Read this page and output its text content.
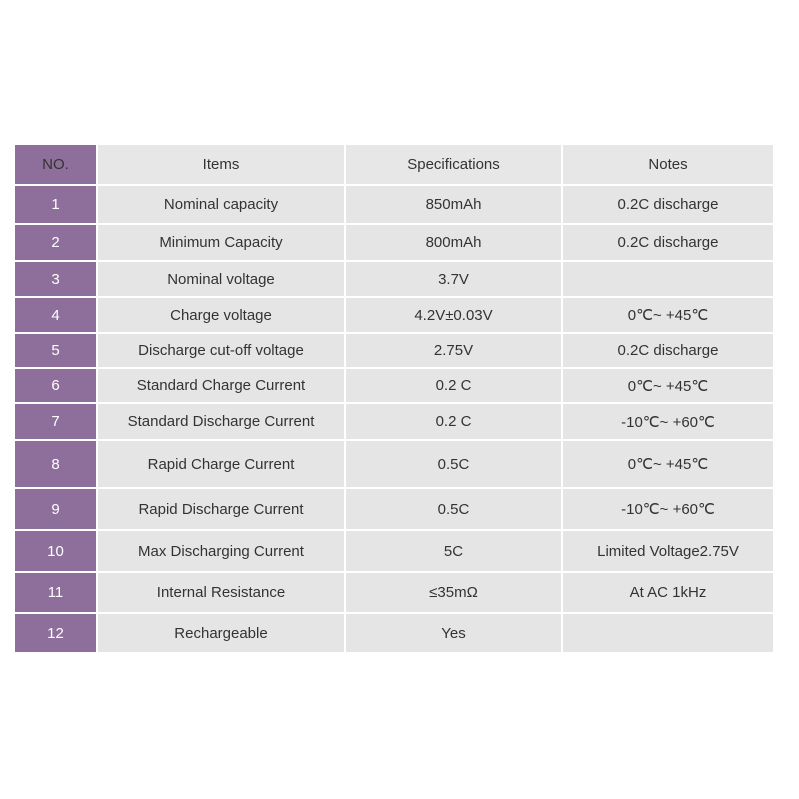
NO.	Items	Specifications	Notes
1	Nominal capacity	850mAh	0.2C discharge
2	Minimum Capacity	800mAh	0.2C discharge
3	Nominal voltage	3.7V	
4	Charge voltage	4.2V±0.03V	0℃~ +45℃
5	Discharge cut-off voltage	2.75V	0.2C discharge
6	Standard Charge Current	0.2 C	0℃~ +45℃
7	Standard Discharge Current	0.2 C	-10℃~ +60℃
8	Rapid Charge Current	0.5C	0℃~ +45℃
9	Rapid Discharge Current	0.5C	-10℃~ +60℃
10	Max Discharging Current	5C	Limited Voltage2.75V
11	Internal Resistance	≤35mΩ	At AC 1kHz
12	Rechargeable	Yes	
